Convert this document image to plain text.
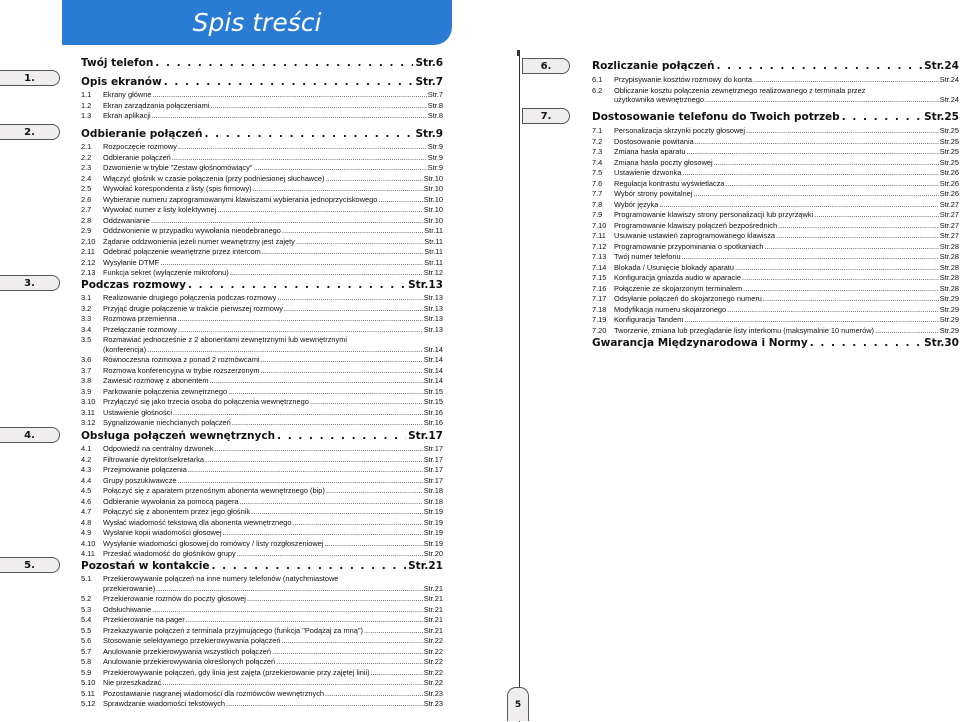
Spis treści
1.
2.
3.
4.
5.
6.
7.
Twój telefon . . .	Str.6
Opis ekranów . . .	Str.7
1.1	Ekrany główne .....	Str.7
1.2	Ekran zarządzania połączeniami .....	Str.8
1.3	Ekran aplikacji .....	Str.8
Odbieranie połączeń . . .	Str.9
2.1	Rozpoczęcie rozmowy .....	Str.9
2.2	Odbieranie połączeń .....	Str.9
2.3	Dzwonienie w trybie "Zestaw głośnomówiący" .....	Str.9
2.4	Włączyć głośnik w czasie połączenia (przy podniesionej słuchawce) .....	Str.10
2.5	Wywołać korespondenta z listy (spis firmowy) .....	Str.10
2.6	Wybieranie numeru zaprogramowanymi klawiszami wybierania jednoprzyciskowego .....	Str.10
2.7	Wywołać numer z listy kolektywnej .....	Str.10
2.8	Oddzwanianie .....	Str.10
2.9	Oddzwonienie w przypadku wywołania nieodebranego .....	Str.11
2.10	Żądanie oddzwonienia jeżeli numer wewnętrzny jest zajęty .....	Str.11
2.11	Odebrać połączenie wewnętrzne przez intercom .....	Str.11
2.12	Wysyłanie DTMF .....	Str.11
2.13	Funkcja sekret (wyłączenie mikrofonu) .....	Str.12
Podczas rozmowy . . .	Str.13
3.1	Realizowanie drugiego połączenia podczas rozmowy .....	Str.13
3.2	Przyjąć drugie połączenie w trakcie pierwszej rozmowy .....	Str.13
3.3	Rozmowa przemienna .....	Str.13
3.4	Przełączanie rozmowy .....	Str.13
3.5	Rozmawiać jednocześnie z 2 abonentami zewnętrznymi lub wewnętrznymi
(konferencja) .....	Str.14
3.6	Równoczesna rozmowa z ponad 2 rozmówcami .....	Str.14
3.7	Rozmowa konferencyjna w trybie rozszerzonym .....	Str.14
3.8	Zawiesić rozmowę z abonentem .....	Str.14
3.9	Parkowanie połączenia zewnętrznego .....	Str.15
3.10	Przyłączyć się jako trzecia osoba do połączenia wewnętrznego .....	Str.15
3.11	Ustawienie głośności .....	Str.16
3.12	Sygnalizowanie niechcianych połączeń .....	Str.16
Obsługa połączeń wewnętrznych . . .	Str.17
4.1	Odpowiedź na centralny dzwonek .....	Str.17
4.2	Filtrowanie dyrektor/sekretarka .....	Str.17
4.3	Przejmowanie połączenia .....	Str.17
4.4	Grupy poszukiwawcze .....	Str.17
4.5	Połączyć się z aparatem przenośnym abonenta wewnętrznego (bip) .....	Str.18
4.6	Odbieranie wywołania za pomocą pagera .....	Str.18
4.7	Połączyć się z abonentem przez jego głośnik .....	Str.19
4.8	Wysłać wiadomość tekstową dla abonenta wewnętrznego .....	Str.19
4.9	Wysłanie kopii wiadomości głosowej .....	Str.19
4.10	Wysyłanie wiadomości głosowej do romówcy / listy rozgłoszeniowej .....	Str.19
4.11	Przesłać wiadomość do głośników grupy .....	Str.20
Pozostań w kontakcie . . .	Str.21
5.1	Przekierowywanie połączeń na inne numery telefonów (natychmiastowe
przekierowanie) .....	Str.21
5.2	Przekierowanie rozmów do poczty głosowej .....	Str.21
5.3	Odsłuchiwanie .....	Str.21
5.4	Przekierowanie na pager .....	Str.21
5.5	Przekazywanie połączeń z terminala przyjmującego (funkcja "Podążaj za mną") .....	Str.21
5.6	Stosowanie selektywnego przekierowywania połączeń .....	Str.22
5.7	Anulowanie przekierowywania wszystkich połączeń .....	Str.22
5.8	Anulowanie przekierowywania określonych połączeń .....	Str.22
5.9	Przekierowywanie połączeń, gdy linia jest zajęta (przekierowanie przy zajętej linii) .....	Str.22
5.10	Nie przeszkadzać .....	Str.22
5.11	Pozostawianie nagranej wiadomości dla rozmówców wewnętrznych .....	Str.23
5.12	Sprawdzanie wiadomości tekstowych .....	Str.23
Rozliczanie połączeń . . .	Str.24
6.1	Przypisywanie kosztów rozmowy do konta .....	Str.24
6.2	Obliczanie kosztu połączenia zewnętrznego realizowanego z terminala przez
użytkownika wewnętrznego .....	Str.24
Dostosowanie telefonu do Twoich potrzeb . . .	Str.25
7.1	Personalizacja skrzynki poczty głosowej .....	Str.25
7.2	Dostosowanie powitania .....	Str.25
7.3	Zmiana hasła aparatu .....	Str.25
7.4	Zmiana hasła poczty głosowej .....	Str.25
7.5	Ustawienie dzwonka .....	Str.26
7.6	Regulacja kontrastu wyświetlacza .....	Str.26
7.7	Wybór strony powitalnej .....	Str.26
7.8	Wybór języka .....	Str.27
7.9	Programowanie klawiszy strony personalizacji lub przyrząwki .....	Str.27
7.10	Programowanie klawiszy połączeń bezpośrednich .....	Str.27
7.11	Usuwanie ustawień zaprogramowanego klawisza .....	Str.27
7.12	Programowanie przypominania o spotkaniach .....	Str.28
7.13	Twój numer telefonu .....	Str.28
7.14	Blokada / Usunięcie blokady aparatu .....	Str.28
7.15	Konfiguracja gniazda audio w aparacie .....	Str.28
7.16	Połączenie ze skojarzonym terminalem .....	Str.28
7.17	Odsyłanie połączeń do skojarzonego numeru .....	Str.29
7.18	Modyfikacja numeru skojarzonego .....	Str.29
7.19	Konfiguracja Tandem .....	Str.29
7.20	Tworzenie, zmiana lub przeglądanie listy interkomu (maksymalnie 10 numerów) .....	Str.29
Gwarancja Międzynarodowa i Normy . . .	Str.30
5
